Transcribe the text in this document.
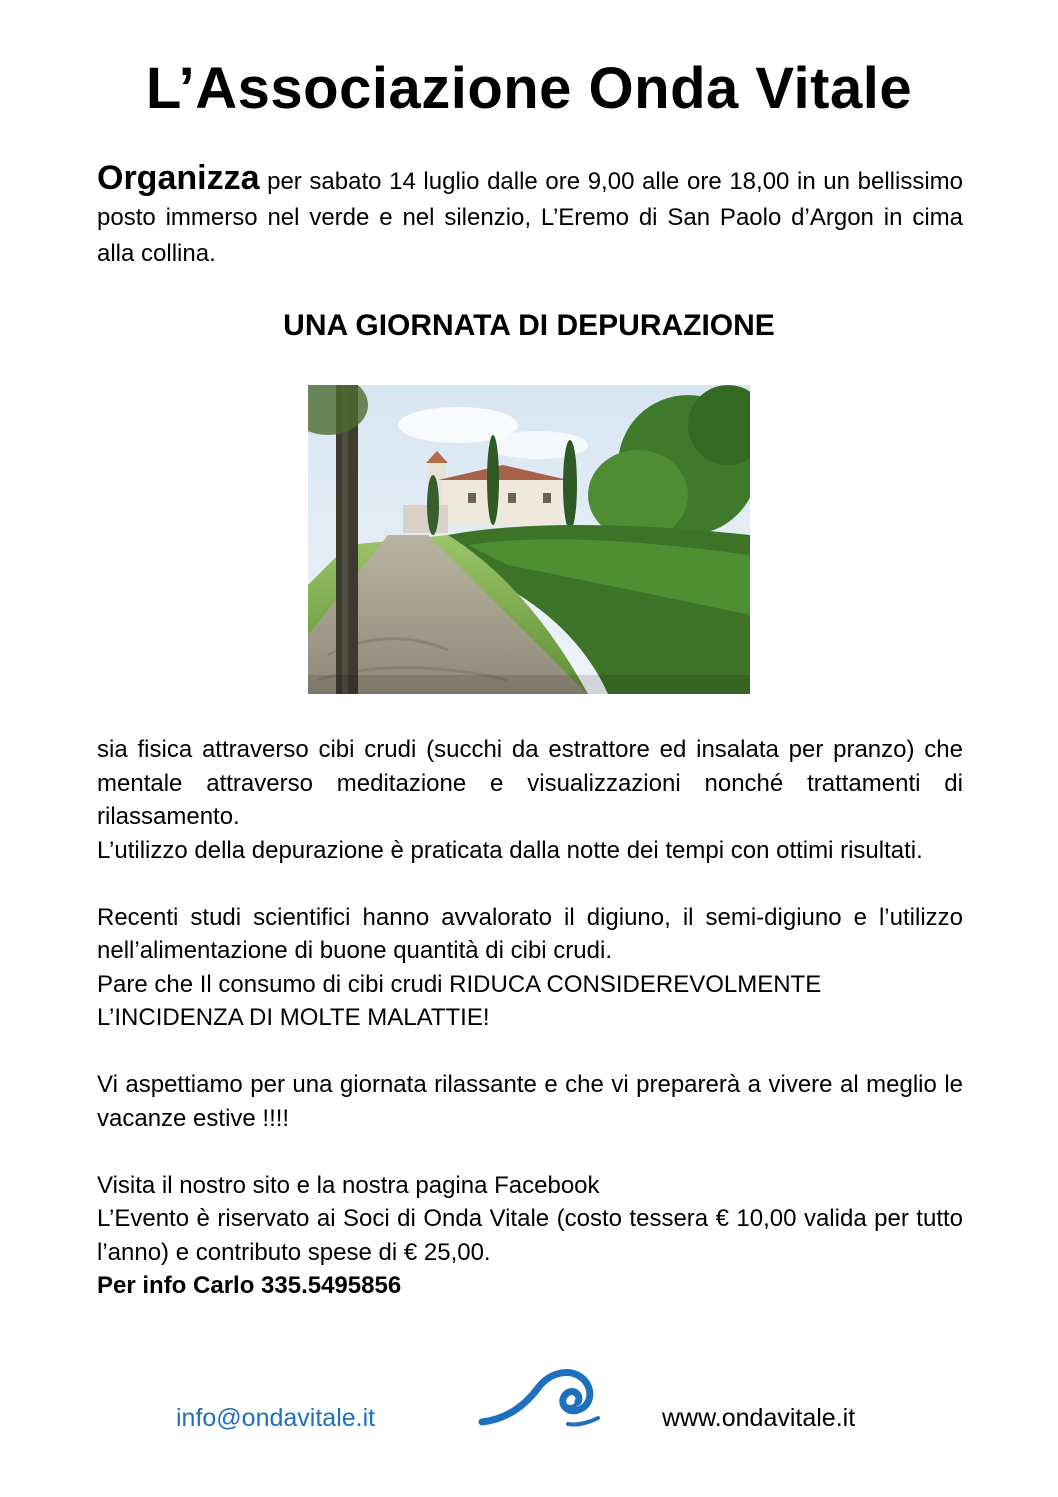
L’Associazione Onda Vitale
Organizza per sabato 14 luglio dalle ore 9,00 alle ore 18,00 in un bellissimo posto immerso nel verde e nel silenzio, L’Eremo di San Paolo d’Argon in cima alla collina.
UNA GIORNATA DI DEPURAZIONE

sia fisica attraverso cibi crudi (succhi da estrattore ed insalata per pranzo) che mentale attraverso meditazione e visualizzazioni nonché trattamenti di rilassamento.

L’utilizzo della depurazione è praticata dalla notte dei tempi con ottimi risultati.

Recenti studi scientifici hanno avvalorato il digiuno, il semi-digiuno e l’utilizzo nell’alimentazione di buone quantità di cibi crudi.

Pare che Il consumo di cibi crudi RIDUCA CONSIDEREVOLMENTE

L’INCIDENZA DI MOLTE MALATTIE!

Vi aspettiamo per una giornata rilassante e che vi preparerà a vivere al meglio le vacanze estive !!!!

Visita il nostro sito e la nostra pagina Facebook

L’Evento è riservato ai Soci di Onda Vitale (costo tessera € 10,00 valida per tutto l’anno) e contributo spese di € 25,00.

Per info Carlo 335.5495856

info@ondavitale.it	www.ondavitale.it
